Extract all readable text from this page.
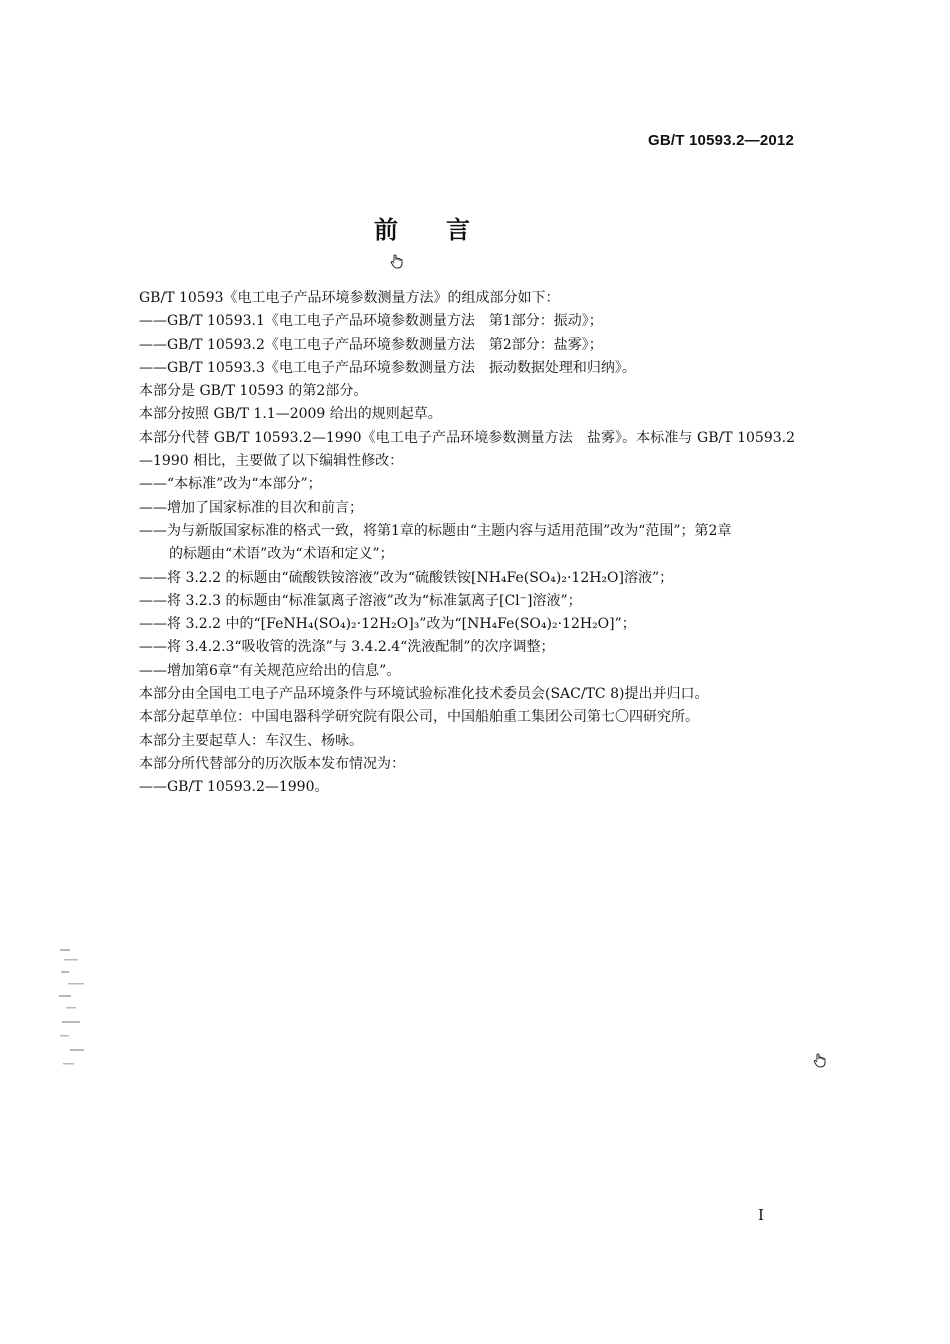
GB/T 10593.2—2012
前言

GB/T 10593《电工电子产品环境参数测量方法》的组成部分如下：

——GB/T 10593.1《电工电子产品环境参数测量方法　第1部分：振动》；

——GB/T 10593.2《电工电子产品环境参数测量方法　第2部分：盐雾》；

——GB/T 10593.3《电工电子产品环境参数测量方法　振动数据处理和归纳》。

本部分是 GB/T 10593 的第2部分。

本部分按照 GB/T 1.1—2009 给出的规则起草。

本部分代替 GB/T 10593.2—1990《电工电子产品环境参数测量方法　盐雾》。本标准与 GB/T 10593.2—1990 相比，主要做了以下编辑性修改：

——“本标准”改为“本部分”；

——增加了国家标准的目次和前言；

——为与新版国家标准的格式一致，将第1章的标题由“主题内容与适用范围”改为“范围”；第2章

的标题由“术语”改为“术语和定义”；

——将 3.2.2 的标题由“硫酸铁铵溶液”改为“硫酸铁铵[NH₄Fe(SO₄)₂·12H₂O]溶液”；

——将 3.2.3 的标题由“标准氯离子溶液”改为“标准氯离子[Cl⁻]溶液”；

——将 3.2.2 中的“[FeNH₄(SO₄)₂·12H₂O]₃”改为“[NH₄Fe(SO₄)₂·12H₂O]”；

——将 3.4.2.3“吸收管的洗涤”与 3.4.2.4“洗液配制”的次序调整；

——增加第6章“有关规范应给出的信息”。

本部分由全国电工电子产品环境条件与环境试验标准化技术委员会(SAC/TC 8)提出并归口。

本部分起草单位：中国电器科学研究院有限公司，中国船舶重工集团公司第七〇四研究所。

本部分主要起草人：车汉生、杨咏。

本部分所代替部分的历次版本发布情况为：

——GB/T 10593.2—1990。

I
